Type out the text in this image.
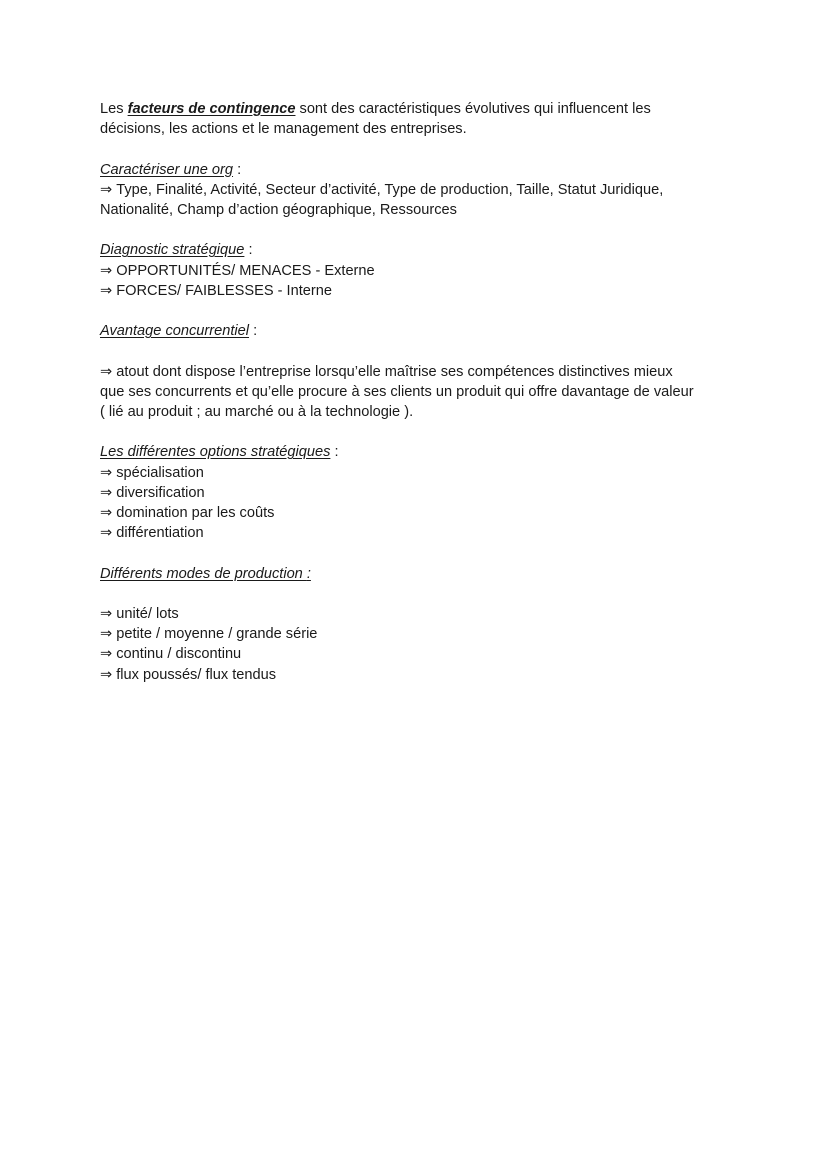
Les facteurs de contingence sont des caractéristiques évolutives qui influencent les
décisions, les actions et le management des entreprises.
Caractériser une org :
⇒ Type, Finalité, Activité, Secteur d’activité, Type de production, Taille, Statut Juridique,
Nationalité, Champ d’action géographique, Ressources
Diagnostic stratégique :
⇒ OPPORTUNITÉS/ MENACES - Externe
⇒ FORCES/ FAIBLESSES - Interne
Avantage concurrentiel :
⇒ atout dont dispose l’entreprise lorsqu’elle maîtrise ses compétences distinctives mieux
que ses concurrents et qu’elle procure à ses clients un produit qui offre davantage de valeur
( lié au produit ; au marché ou à la technologie ).
Les différentes options stratégiques :
⇒ spécialisation
⇒ diversification
⇒ domination par les coûts
⇒ différentiation
Différents modes de production :
⇒ unité/ lots
⇒ petite / moyenne / grande série
⇒ continu / discontinu
⇒ flux poussés/ flux tendus
